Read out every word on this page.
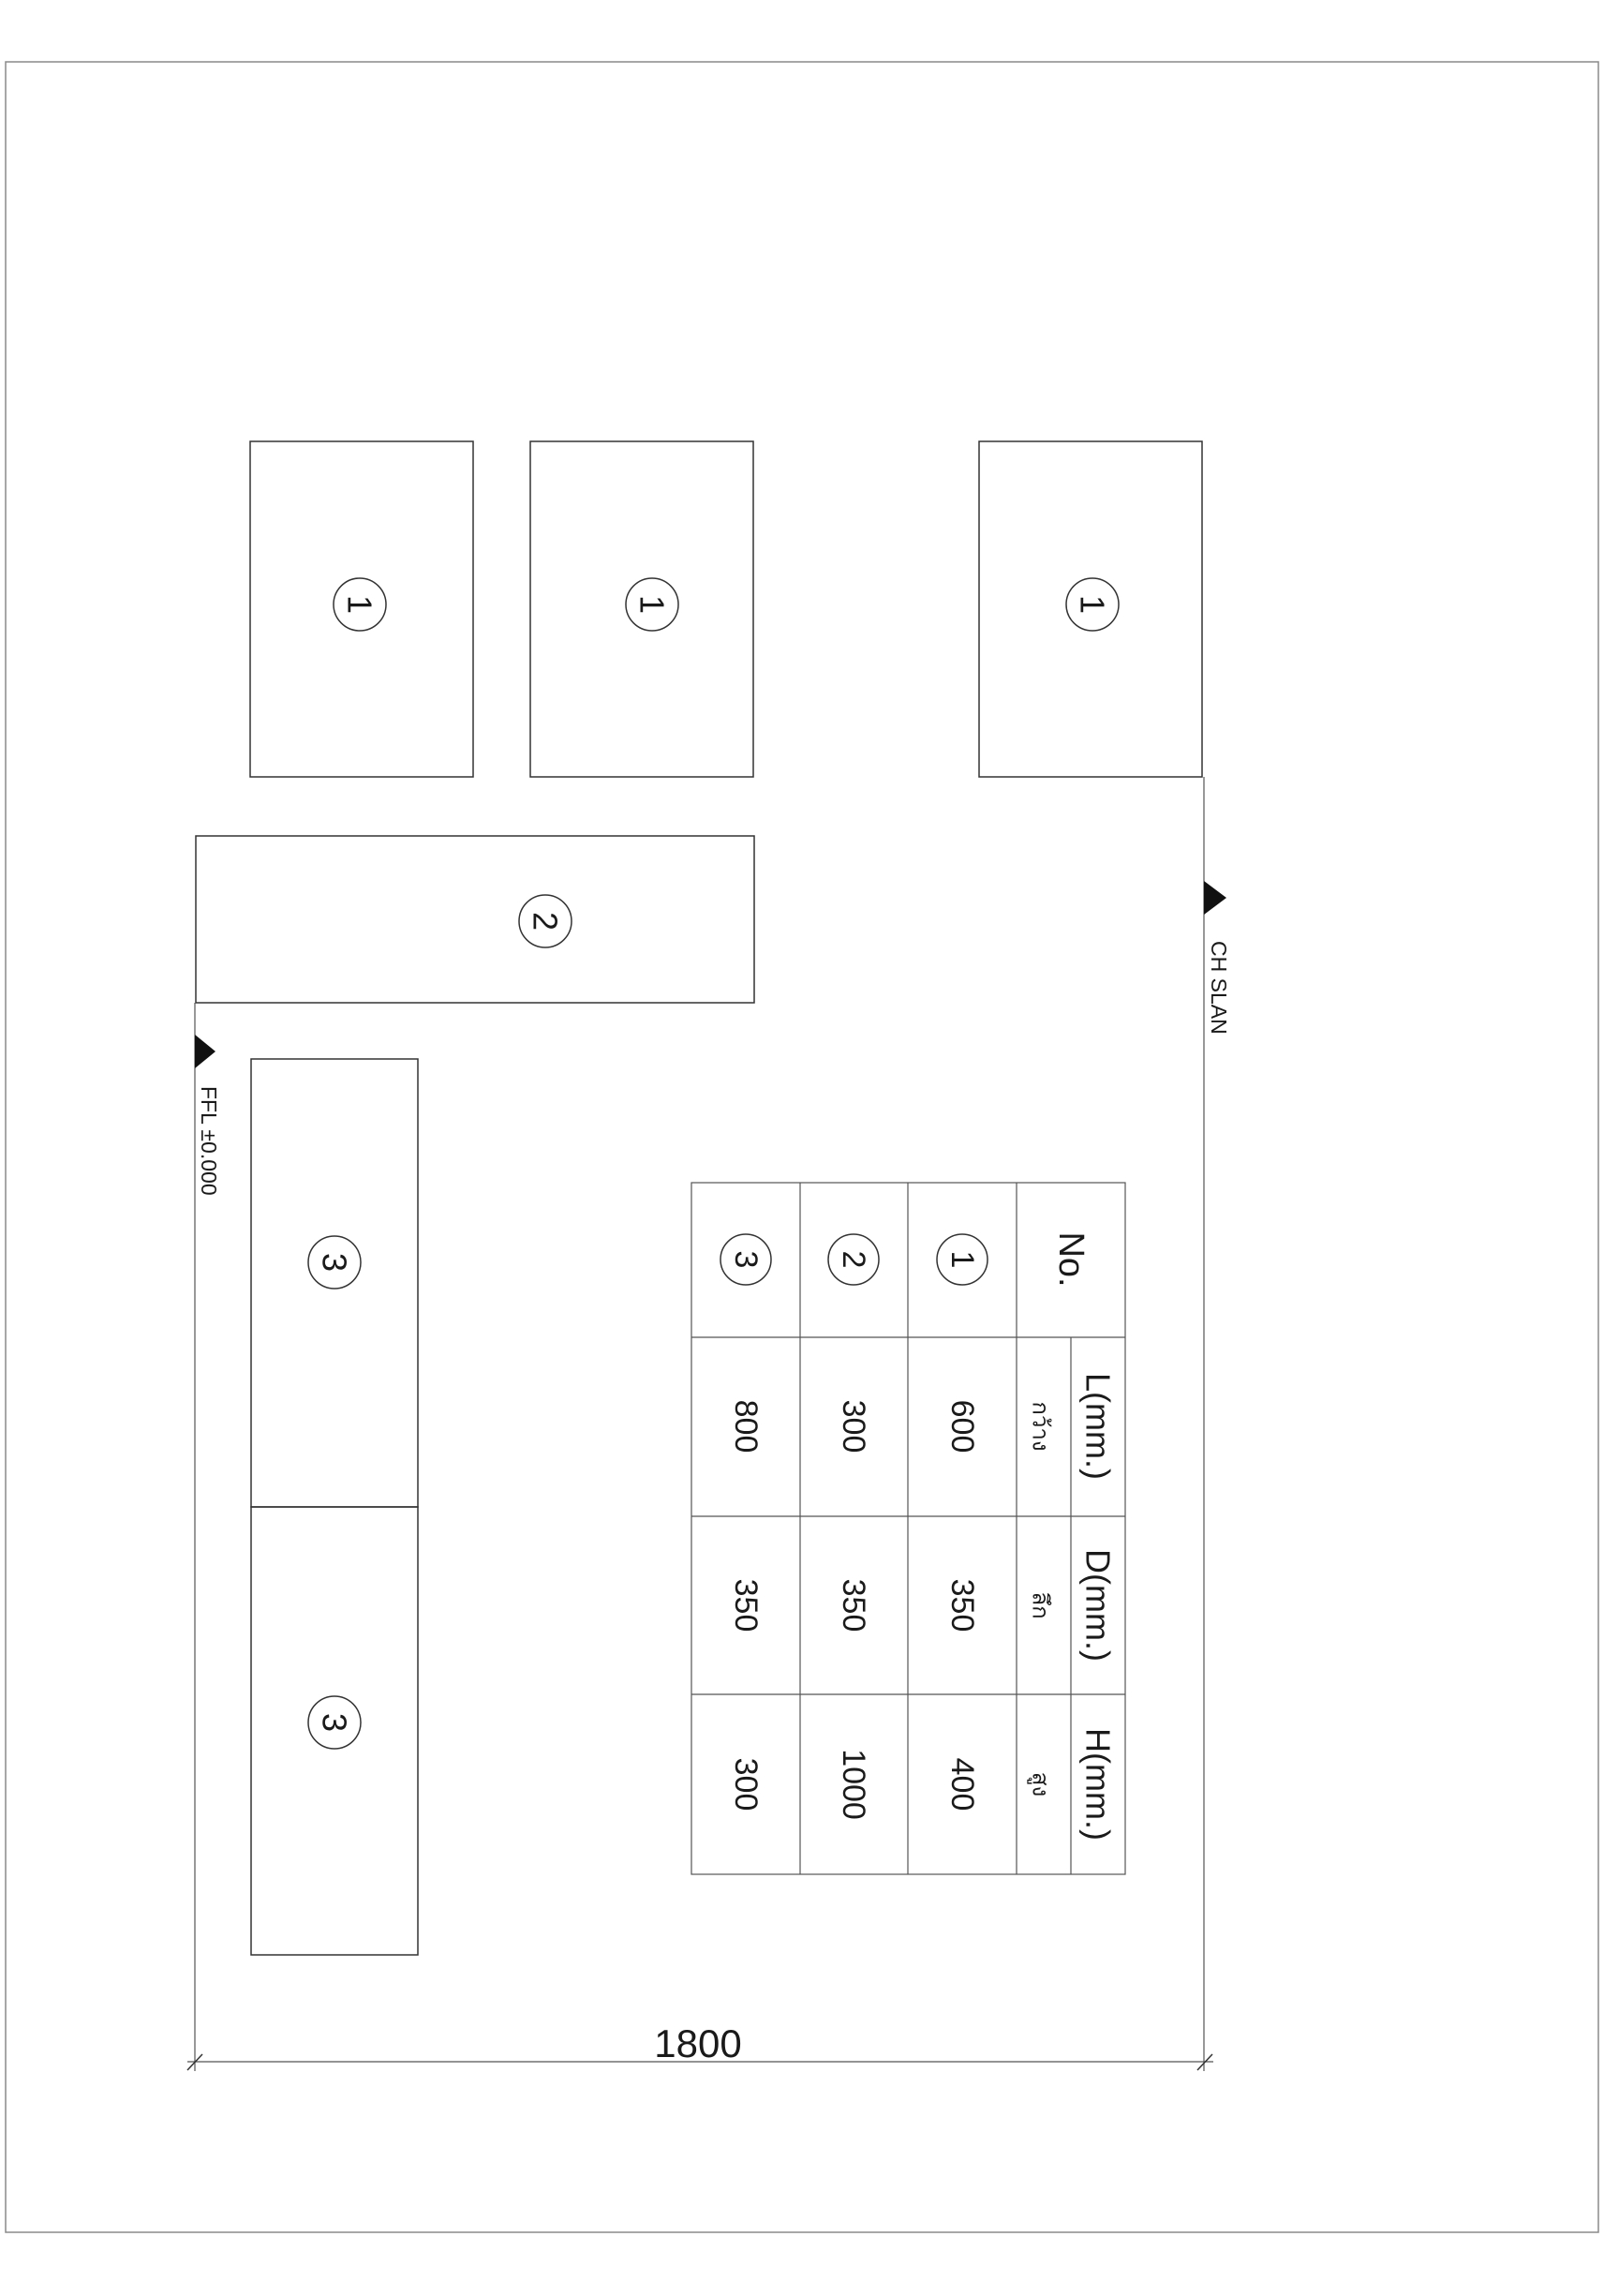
1	1	1
2
3
3
CH SLAN
FFL ±0.000
1800
No.
L(mm.)
กว้าง
D(mm.)
ลึก
H(mm.)
สูง
1
600
350
400
2
300
350
1000
3
800
350
300
